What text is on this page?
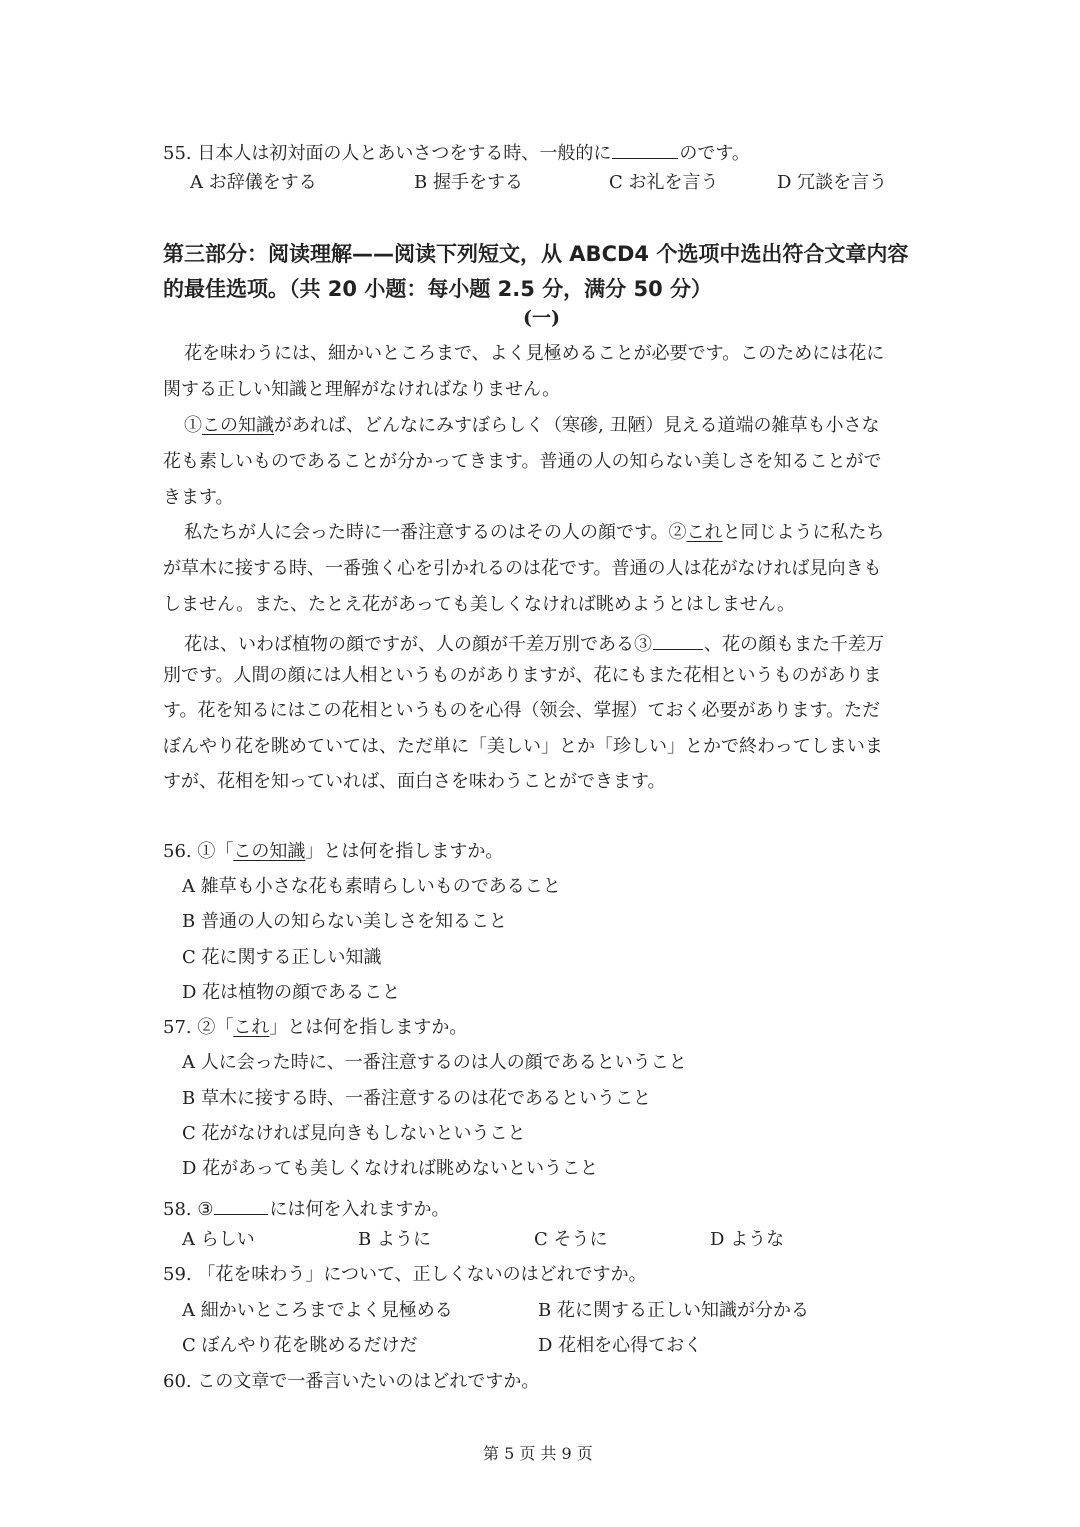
55. 日本人は初対面の人とあいさつをする時、一般的に	のです。
A お辞儀をする	B 握手をする	C お礼を言う	D 冗談を言う
第三部分：阅读理解——阅读下列短文，从 ABCD4 个选项中选出符合文章内容
的最佳选项。（共 20 小题：每小题 2.5 分，满分 50 分）
(一)
花を味わうには、細かいところまで、よく見極めることが必要です。このためには花に
関する正しい知識と理解がなければなりません。
①この知識があれば、どんなにみすぼらしく（寒碜, 丑陋）見える道端の雑草も小さな
花も素しいものであることが分かってきます。普通の人の知らない美しさを知ることがで
きます。
私たちが人に会った時に一番注意するのはその人の顔です。②これと同じように私たち
が草木に接する時、一番強く心を引かれるのは花です。普通の人は花がなければ見向きも
しません。また、たとえ花があっても美しくなければ眺めようとはしません。
花は、いわば植物の顔ですが、人の顔が千差万別である③	、花の顔もまた千差万
別です。人間の顔には人相というものがありますが、花にもまた花相というものがありま
す。花を知るにはこの花相というものを心得（领会、掌握）ておく必要があります。ただ
ぼんやり花を眺めていては、ただ単に「美しい」とか「珍しい」とかで終わってしまいま
すが、花相を知っていれば、面白さを味わうことができます。
56. ①「この知識」とは何を指しますか。
A 雑草も小さな花も素晴らしいものであること
B 普通の人の知らない美しさを知ること
C 花に関する正しい知識
D 花は植物の顔であること
57. ②「これ」とは何を指しますか。
A 人に会った時に、一番注意するのは人の顔であるということ
B 草木に接する時、一番注意するのは花であるということ
C 花がなければ見向きもしないということ
D 花があっても美しくなければ眺めないということ
58. ③	には何を入れますか。
A らしい	B ように	C そうに	D ような
59. 「花を味わう」について、正しくないのはどれですか。
A 細かいところまでよく見極める	B 花に関する正しい知識が分かる
C ぼんやり花を眺めるだけだ	D 花相を心得ておく
60. この文章で一番言いたいのはどれですか。
第 5 页 共 9 页
